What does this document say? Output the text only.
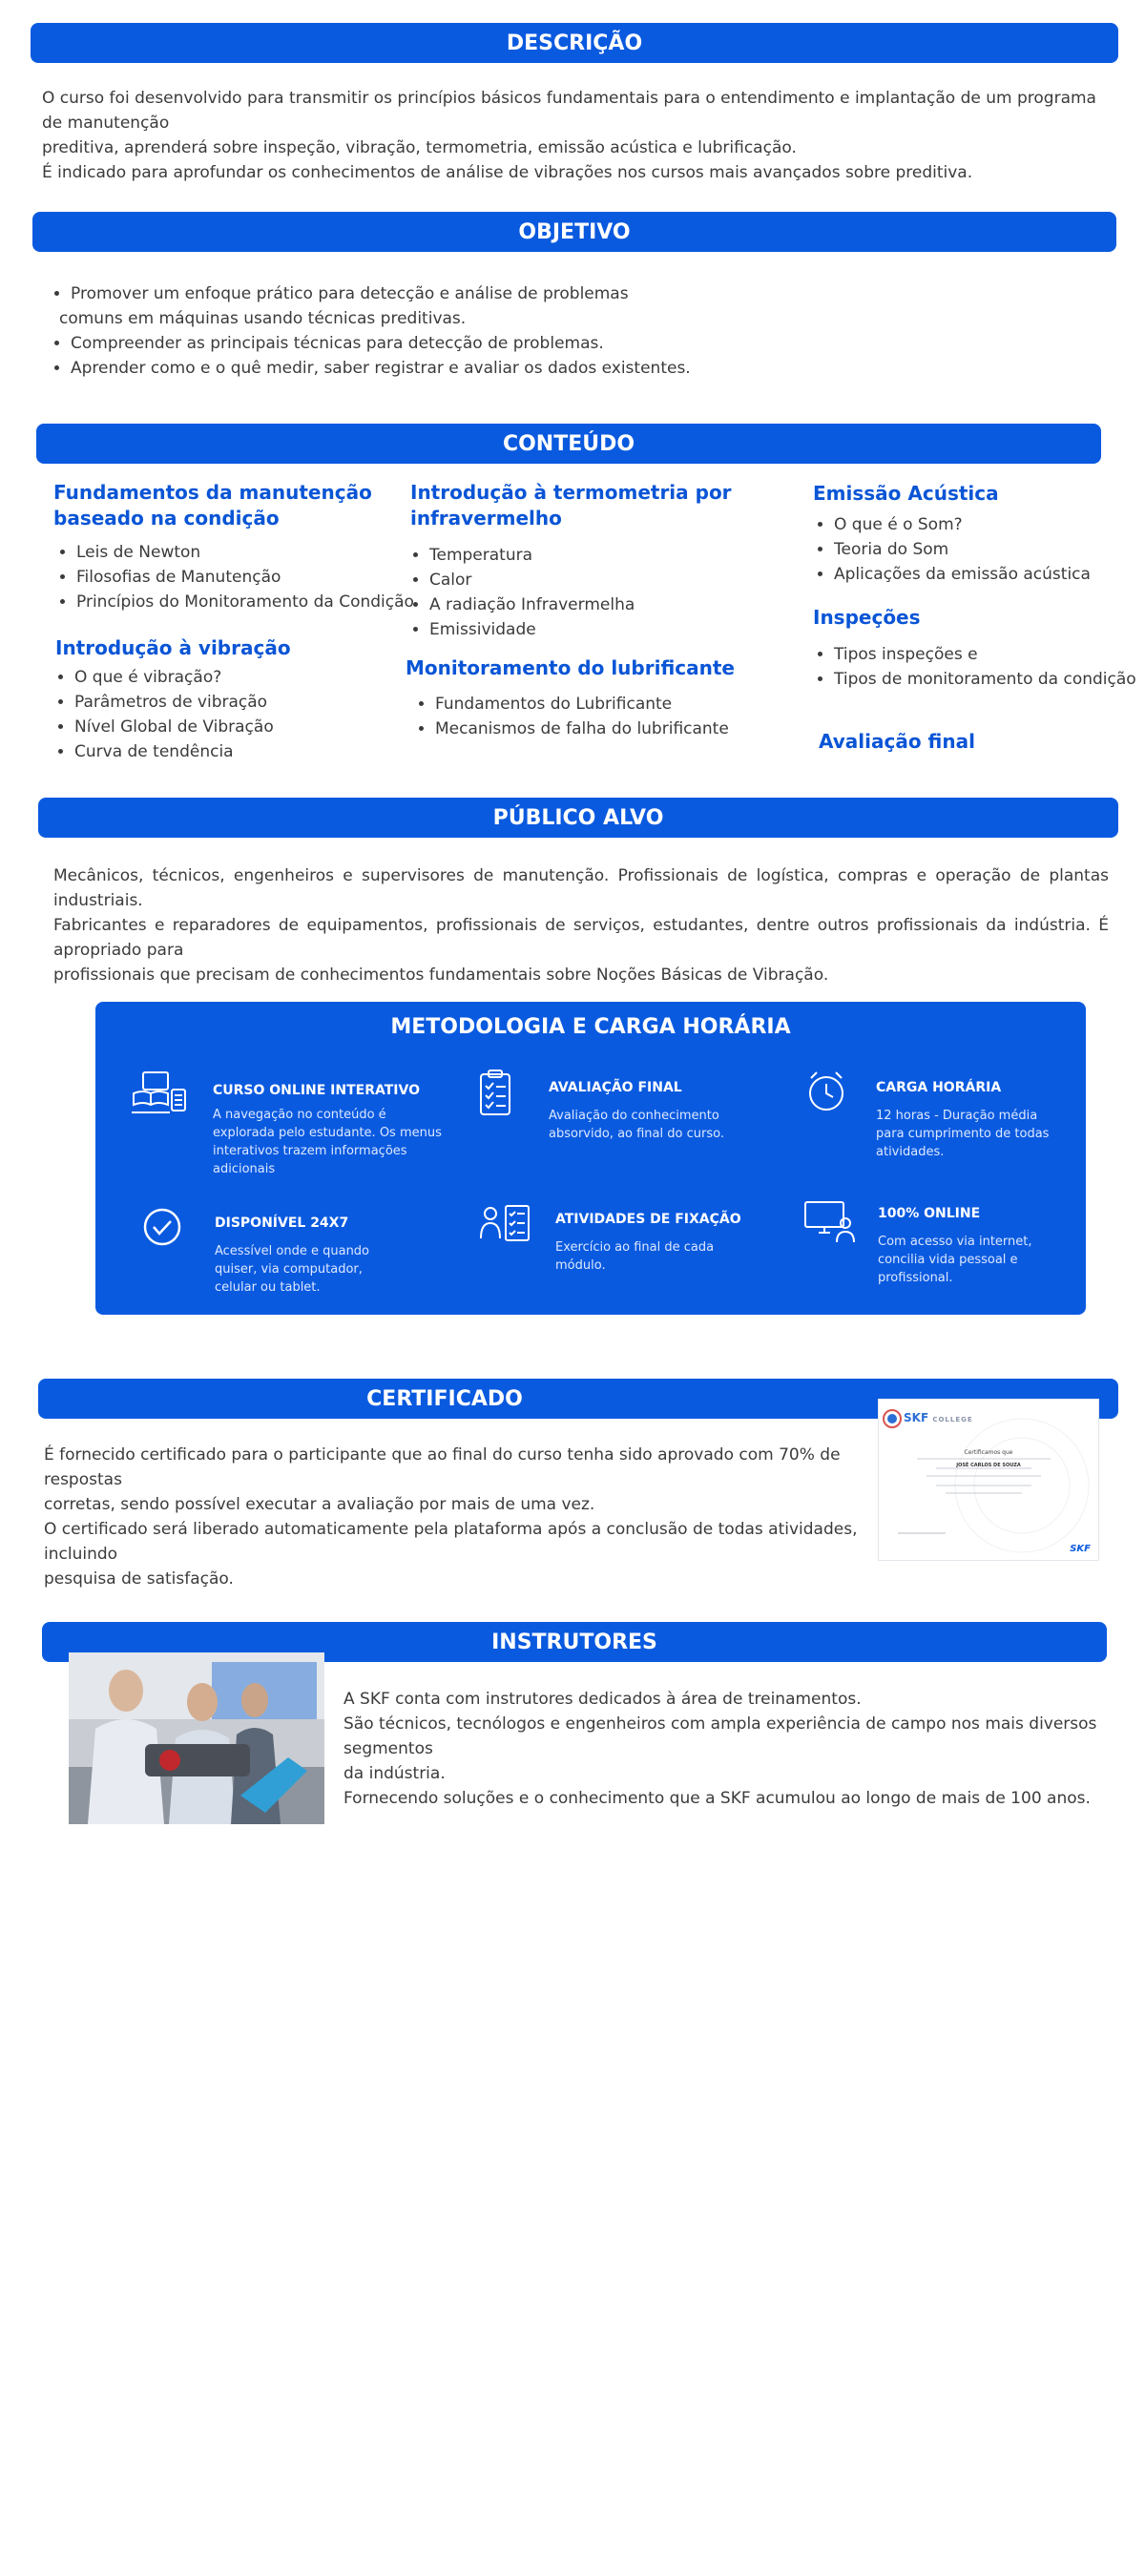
DESCRIÇÃO

O curso foi desenvolvido para transmitir os princípios básicos fundamentais para o entendimento e implantação de um programa de manutenção
preditiva, aprenderá sobre inspeção, vibração, termometria, emissão acústica e lubrificação.

É indicado para aprofundar os conhecimentos de análise de vibrações nos cursos mais avançados sobre preditiva.

OBJETIVO
• Promover um enfoque prático para detecção e análise de problemas
comuns em máquinas usando técnicas preditivas.
• Compreender as principais técnicas para detecção de problemas.
• Aprender como e o quê medir, saber registrar e avaliar os dados existentes.
CONTEÚDO

Fundamentos da manutenção
baseado na condição

• Leis de Newton
• Filosofias de Manutenção
• Princípios do Monitoramento da Condição

Introdução à vibração

• O que é vibração?
• Parâmetros de vibração
• Nível Global de Vibração
• Curva de tendência

Introdução à termometria por
infravermelho

• Temperatura
• Calor
• A radiação Infravermelha
• Emissividade

Monitoramento do lubrificante

• Fundamentos do Lubrificante
• Mecanismos de falha do lubrificante

Emissão Acústica

• O que é o Som?
• Teoria do Som
• Aplicações da emissão acústica

Inspeções

• Tipos inspeções e
• Tipos de monitoramento da condição

Avaliação final

PÚBLICO ALVO

Mecânicos, técnicos, engenheiros e supervisores de manutenção. Profissionais de logística, compras e operação de plantas industriais.
Fabricantes e reparadores de equipamentos, profissionais de serviços, estudantes, dentre outros profissionais da indústria. É apropriado para
profissionais que precisam de conhecimentos fundamentais sobre Noções Básicas de Vibração.

METODOLOGIA E CARGA HORÁRIA
CURSO ONLINE INTERATIVO

A navegação no conteúdo é
explorada pelo estudante. Os menus
interativos trazem informações
adicionais

AVALIAÇÃO FINAL

Avaliação do conhecimento
absorvido, ao final do curso.

CARGA HORÁRIA

12 horas - Duração média
para cumprimento de todas
atividades.

DISPONÍVEL 24X7

Acessível onde e quando
quiser, via computador,
celular ou tablet.

ATIVIDADES DE FIXAÇÃO

Exercício ao final de cada
módulo.

100% ONLINE

Com acesso via internet,
concilia vida pessoal e
profissional.

CERTIFICADO
SKF COLLEGE
Certificamos que
JOSÉ CARLOS DE SOUZA
SKF

É fornecido certificado para o participante que ao final do curso tenha sido aprovado com 70% de respostas
corretas, sendo possível executar a avaliação por mais de uma vez.

O certificado será liberado automaticamente pela plataforma após a conclusão de todas atividades, incluindo
pesquisa de satisfação.

INSTRUTORES

A SKF conta com instrutores dedicados à área de treinamentos.
São técnicos, tecnólogos e engenheiros com ampla experiência de campo nos mais diversos segmentos
da indústria.

Fornecendo soluções e o conhecimento que a SKF acumulou ao longo de mais de 100 anos.
